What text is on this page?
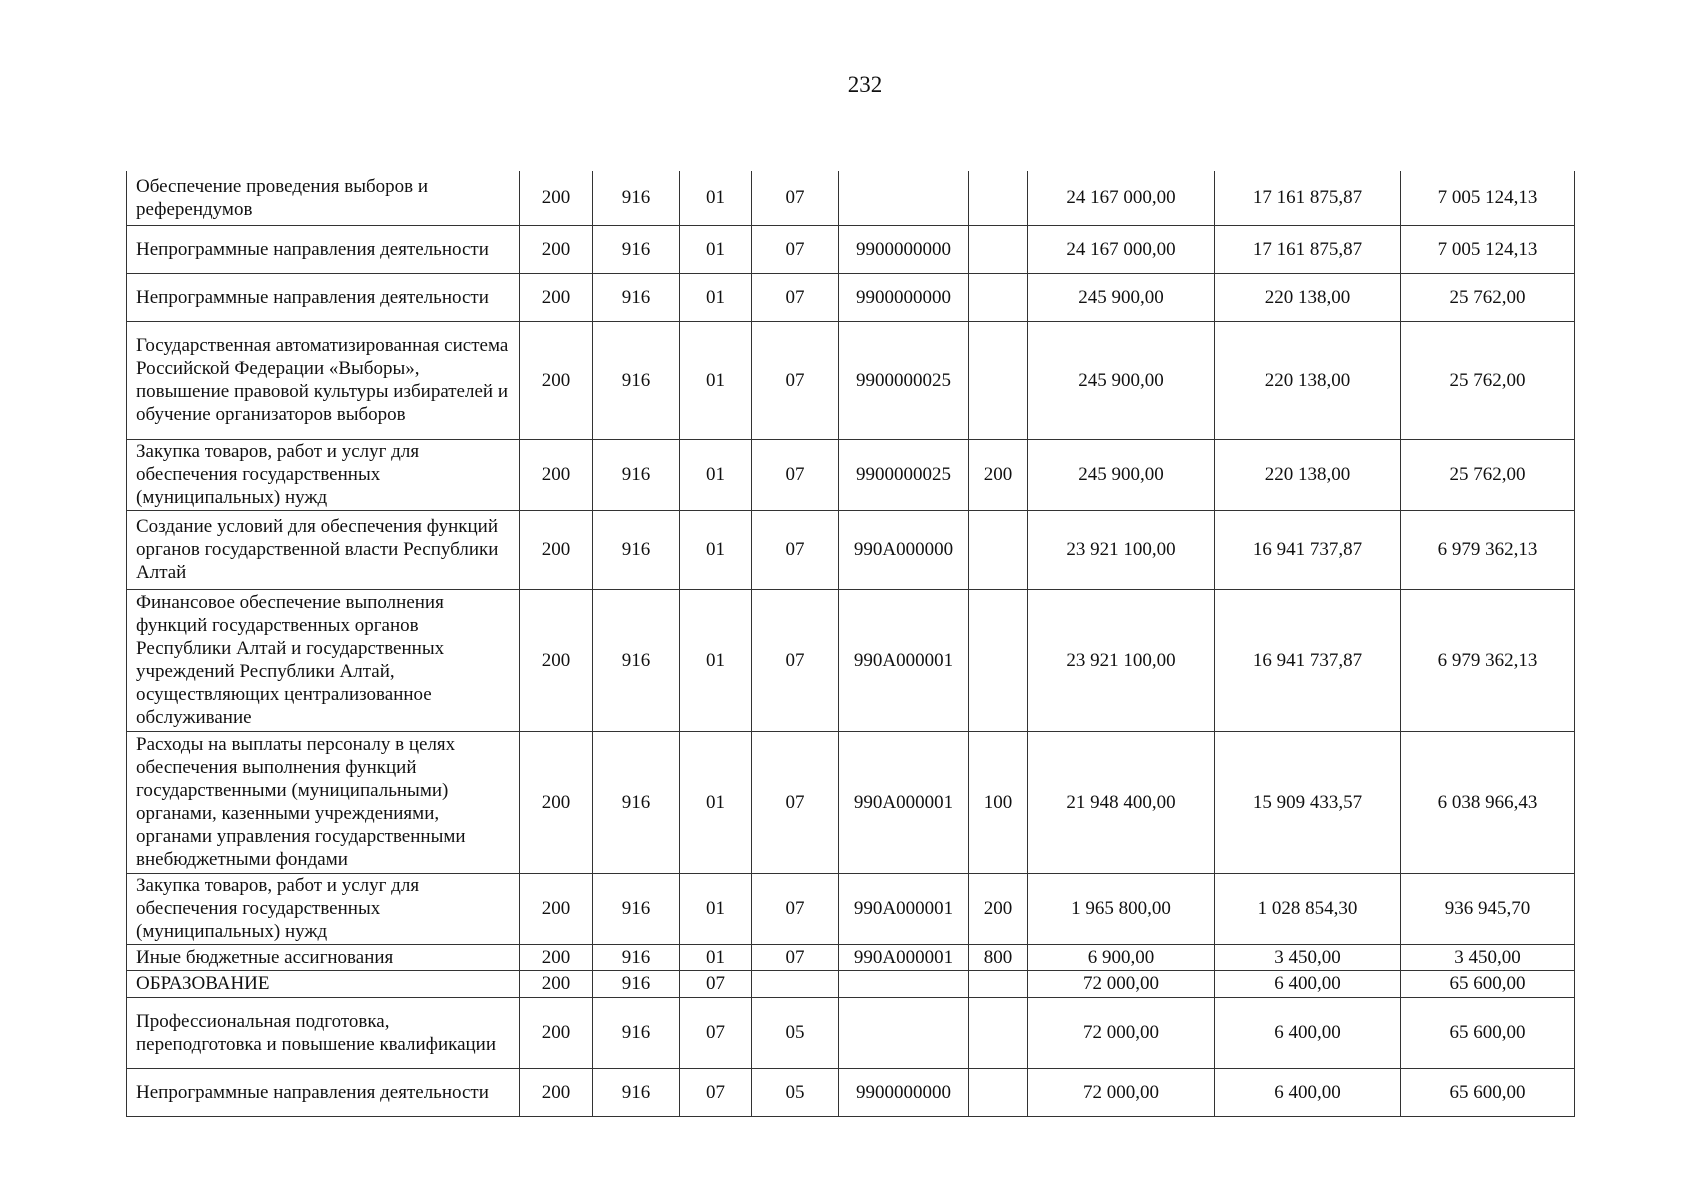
232
Обеспечение проведения выборов и референдумов	200	916	01	07			24 167 000,00	17 161 875,87	7 005 124,13
Непрограммные направления деятельности	200	916	01	07	9900000000		24 167 000,00	17 161 875,87	7 005 124,13
Непрограммные направления деятельности	200	916	01	07	9900000000		245 900,00	220 138,00	25 762,00
Государственная автоматизированная система Российской Федерации «Выборы», повышение правовой культуры избирателей и обучение организаторов выборов	200	916	01	07	9900000025		245 900,00	220 138,00	25 762,00
Закупка товаров, работ и услуг для обеспечения государственных (муниципальных) нужд	200	916	01	07	9900000025	200	245 900,00	220 138,00	25 762,00
Создание условий для обеспечения функций органов государственной власти Республики Алтай	200	916	01	07	990А000000		23 921 100,00	16 941 737,87	6 979 362,13
Финансовое обеспечение выполнения функций государственных органов Республики Алтай и государственных учреждений Республики Алтай, осуществляющих централизованное обслуживание	200	916	01	07	990А000001		23 921 100,00	16 941 737,87	6 979 362,13
Расходы на выплаты персоналу в целях обеспечения выполнения функций государственными (муниципальными) органами, казенными учреждениями, органами управления государственными внебюджетными фондами	200	916	01	07	990А000001	100	21 948 400,00	15 909 433,57	6 038 966,43
Закупка товаров, работ и услуг для обеспечения государственных (муниципальных) нужд	200	916	01	07	990А000001	200	1 965 800,00	1 028 854,30	936 945,70
Иные бюджетные ассигнования	200	916	01	07	990А000001	800	6 900,00	3 450,00	3 450,00
ОБРАЗОВАНИЕ	200	916	07				72 000,00	6 400,00	65 600,00
Профессиональная подготовка, переподготовка и повышение квалификации	200	916	07	05			72 000,00	6 400,00	65 600,00
Непрограммные направления деятельности	200	916	07	05	9900000000		72 000,00	6 400,00	65 600,00
